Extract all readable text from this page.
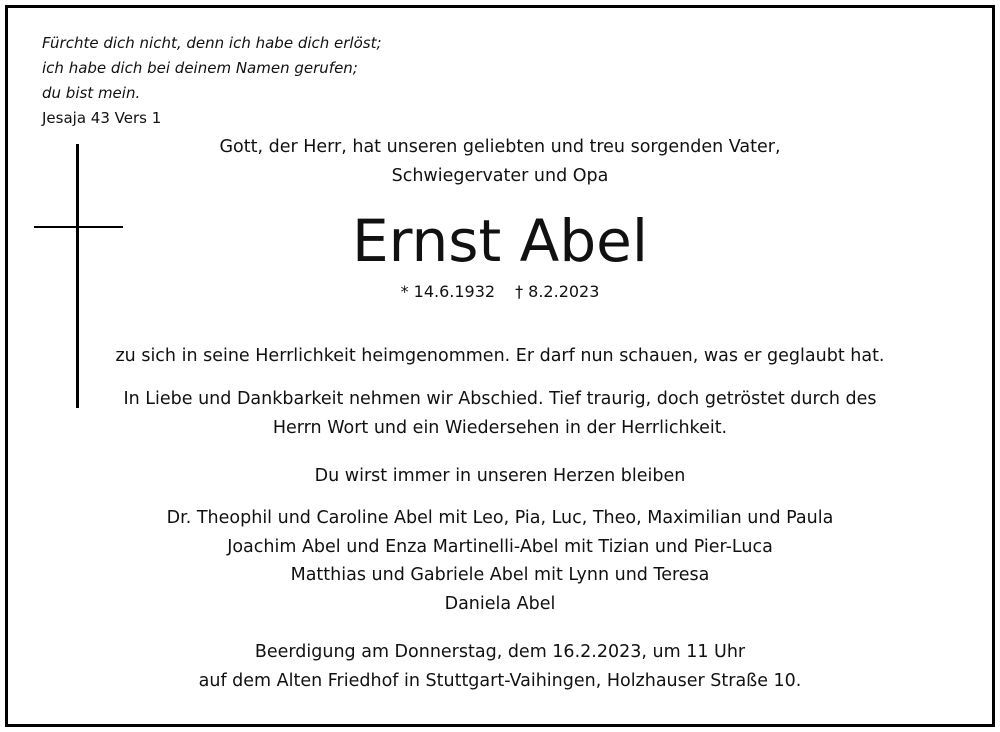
Fürchte dich nicht, denn ich habe dich erlöst;
ich habe dich bei deinem Namen gerufen;
du bist mein.
Jesaja 43 Vers 1
Gott, der Herr, hat unseren geliebten und treu sorgenden Vater,
Schwiegervater und Opa
Ernst Abel
* 14.6.1932 † 8.2.2023
zu sich in seine Herrlichkeit heimgenommen. Er darf nun schauen, was er geglaubt hat.
In Liebe und Dankbarkeit nehmen wir Abschied. Tief traurig, doch getröstet durch des
Herrn Wort und ein Wiedersehen in der Herrlichkeit.
Du wirst immer in unseren Herzen bleiben
Dr. Theophil und Caroline Abel mit Leo, Pia, Luc, Theo, Maximilian und Paula
Joachim Abel und Enza Martinelli-Abel mit Tizian und Pier-Luca
Matthias und Gabriele Abel mit Lynn und Teresa
Daniela Abel
Beerdigung am Donnerstag, dem 16.2.2023, um 11 Uhr
auf dem Alten Friedhof in Stuttgart-Vaihingen, Holzhauser Straße 10.
